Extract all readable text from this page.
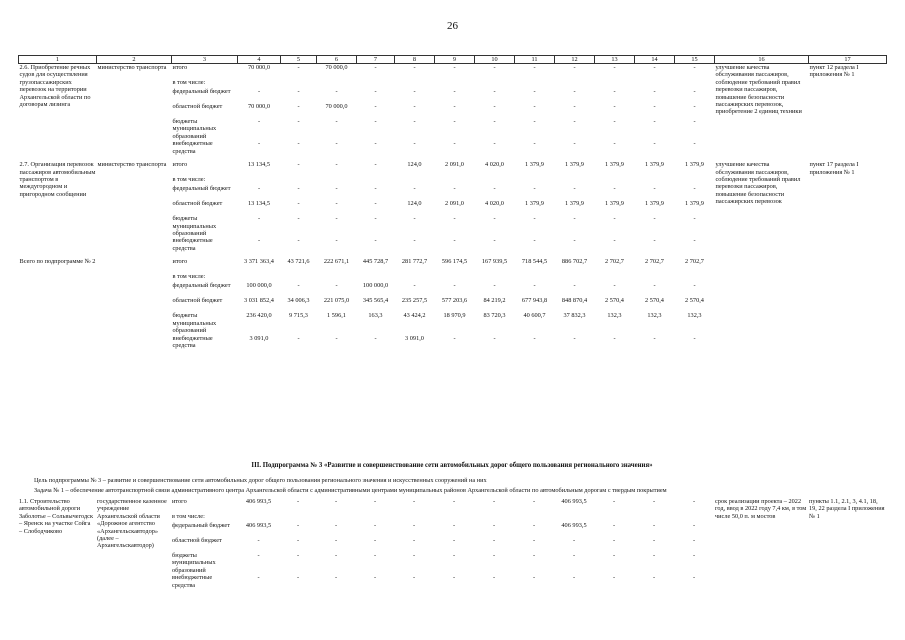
26
1	2	3	4	5	6	7	8	9	10	11	12	13	14	15	16	17
2.6. Приобретение речных судов для осуществления грузопассажирских перевозок на территории Архангельской области по договорам лизинга	министерство транспорта	итого	70 000,0	-	70 000,0	-	-	-	-	-	-	-	-	-	улучшение качества обслуживания пассажиров, соблюдение требований правил перевозки пассажиров, повышение безопасности пассажирских перевозок, приобретение 2 единиц техники	пункт 12 раздела I приложения № 1
		в том числе:														
		федеральный бюджет	-	-	-	-	-	-	-	-	-	-	-	-		
		областной бюджет	70 000,0	-	70 000,0	-	-	-	-	-	-	-	-	-		
		бюджеты муниципальных образований	-	-	-	-	-	-	-	-	-	-	-	-		
		внебюджетные средства	-	-	-	-	-	-	-	-	-	-	-	-		

2.7. Организация перевозок пассажиров автомобильным транспортом в междугородном и пригородном сообщении	министерство транспорта	итого	13 134,5	-	-	-	124,0	2 091,0	4 020,0	1 379,9	1 379,9	1 379,9	1 379,9	1 379,9	улучшение качества обслуживания пассажиров, соблюдение требований правил перевозки пассажиров, повышение безопасности пассажирских перевозок	пункт 17 раздела I приложения № 1
		в том числе:														
		федеральный бюджет	-	-	-	-	-	-	-	-	-	-	-	-		
		областной бюджет	13 134,5	-	-	-	124,0	2 091,0	4 020,0	1 379,9	1 379,9	1 379,9	1 379,9	1 379,9		
		бюджеты муниципальных образований	-	-	-	-	-	-	-	-	-	-	-	-		
		внебюджетные средства	-	-	-	-	-	-	-	-	-	-	-	-		

Всего по подпрограмме № 2		итого	3 371 363,4	43 721,6	222 671,1	445 728,7	281 772,7	596 174,5	167 939,5	718 544,5	886 702,7	2 702,7	2 702,7	2 702,7		
		в том числе:														
		федеральный бюджет	100 000,0	-	-	100 000,0	-	-	-	-	-	-	-	-		
		областной бюджет	3 031 852,4	34 006,3	221 075,0	345 565,4	235 257,5	577 203,6	84 219,2	677 943,8	848 870,4	2 570,4	2 570,4	2 570,4		
		бюджеты муниципальных образований	236 420,0	9 715,3	1 596,1	163,3	43 424,2	18 970,9	83 720,3	40 600,7	37 832,3	132,3	132,3	132,3		
		внебюджетные средства	3 091,0	-	-	-	3 091,0	-	-	-	-	-	-	-		
III. Подпрограмма № 3 «Развитие и совершенствование сети автомобильных дорог общего пользования регионального значения»
Цель подпрограммы № 3 – развитие и совершенствование сети автомобильных дорог общего пользования регионального значения и искусственных сооружений на них
Задача № 1 – обеспечение автотранспортной связи административного центра Архангельской области с административными центрами муниципальных районов Архангельской области по автомобильным дорогам с твердым покрытием
1.1. Строительство автомобильной дороги Заболотье – Сольвычегодск – Яренск на участке Сойга – Слободчиково	государственное казенное учреждение Архангельской области «Дорожное агентство «Архангельскавтодор» (далее – Архангельскавтодор)	итого	406 993,5	-	-	-	-	-	-	-	406 993,5	-	-	-	срок реализации проекта – 2022 год, ввод в 2022 году 7,4 км, в том числе 50,0 п. м мостов	пункты 1.1, 2.1, 3, 4.1, 18, 19, 22 раздела I приложения № 1
		в том числе:														
		федеральный бюджет	406 993,5	-	-	-	-	-	-	-	406 993,5	-	-	-		
		областной бюджет	-	-	-	-	-	-	-	-	-	-	-	-		
		бюджеты муниципальных образований	-	-	-	-	-	-	-	-	-	-	-	-		
		внебюджетные средства	-	-	-	-	-	-	-	-	-	-	-	-		
